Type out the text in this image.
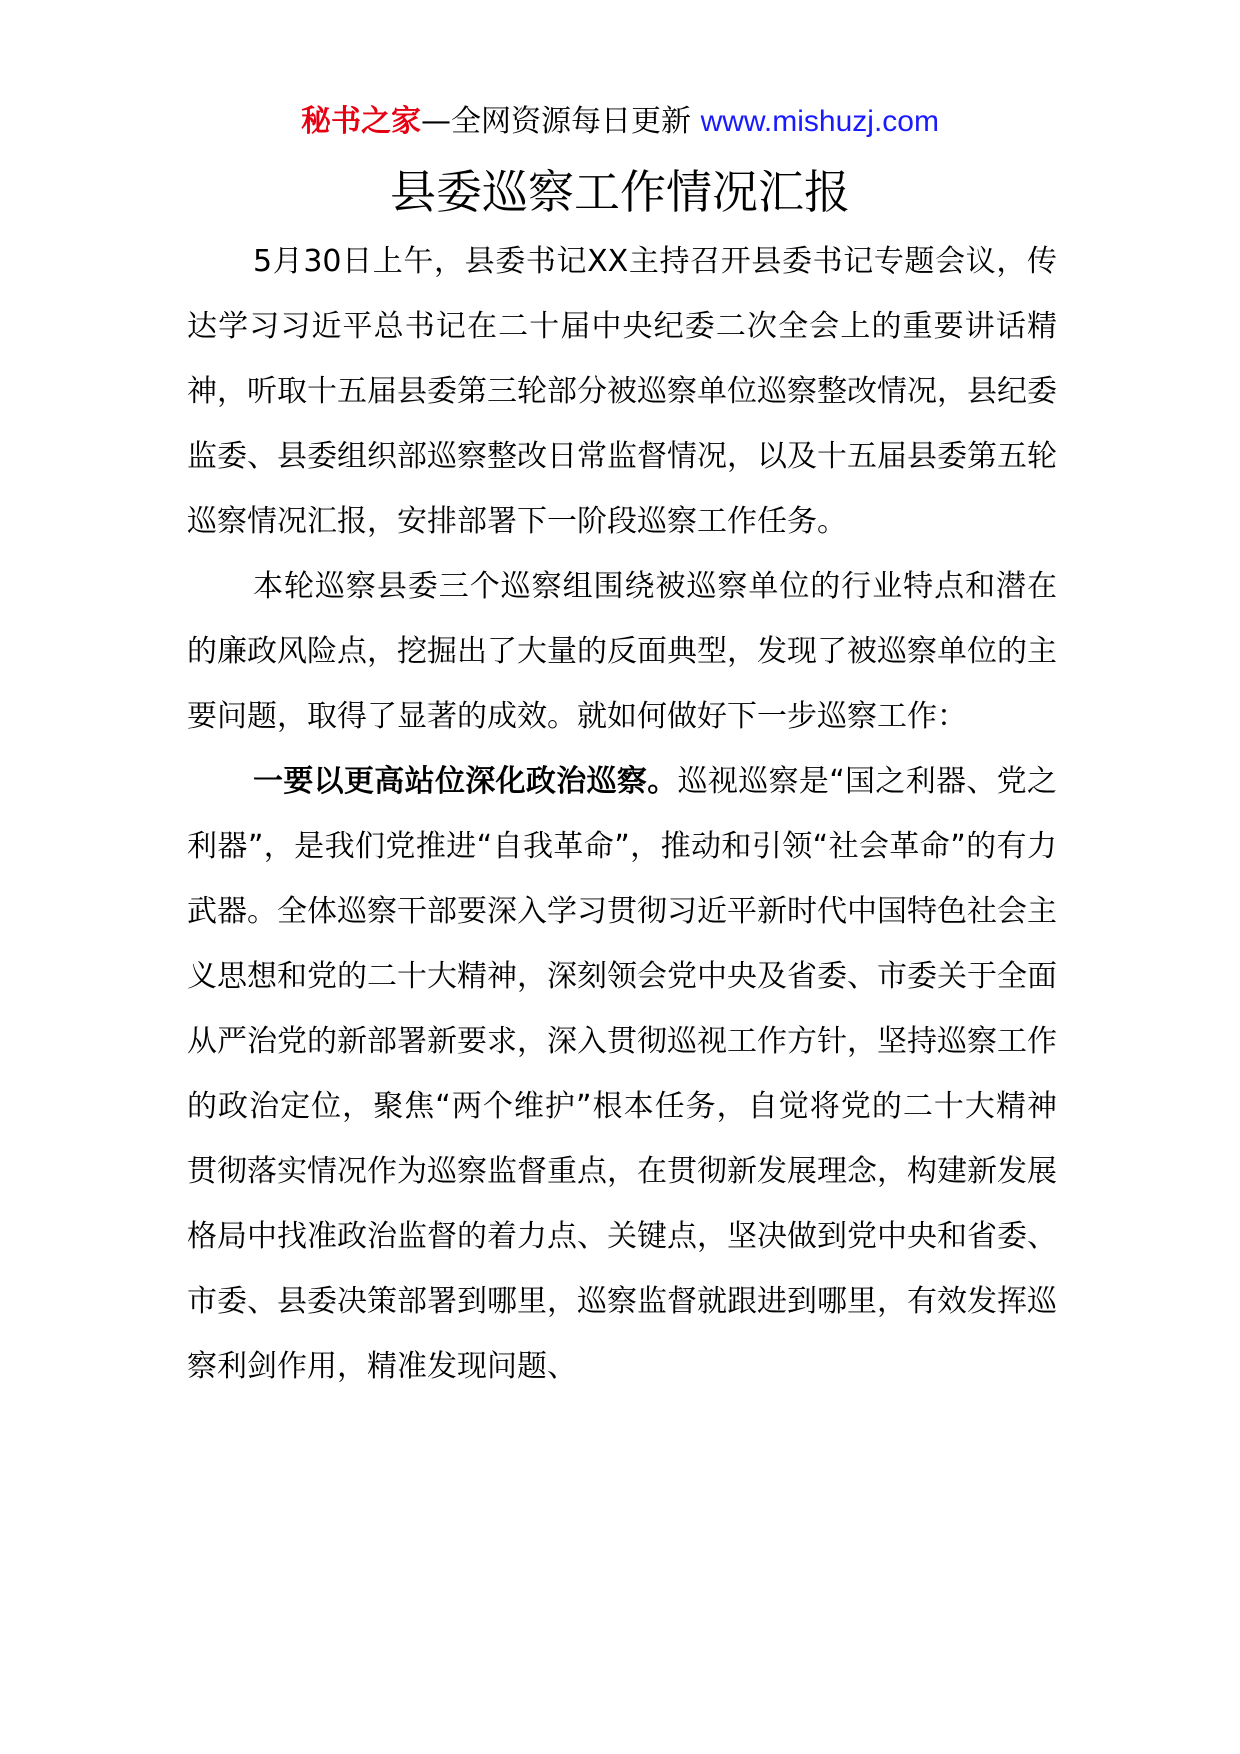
秘书之家—全网资源每日更新 www.mishuzj.com
县委巡察工作情况汇报

5月30日上午，县委书记XX主持召开县委书记专题会议，传达学习习近平总书记在二十届中央纪委二次全会上的重要讲话精神，听取十五届县委第三轮部分被巡察单位巡察整改情况，县纪委监委、县委组织部巡察整改日常监督情况，以及十五届县委第五轮巡察情况汇报，安排部署下一阶段巡察工作任务。

本轮巡察县委三个巡察组围绕被巡察单位的行业特点和潜在的廉政风险点，挖掘出了大量的反面典型，发现了被巡察单位的主要问题，取得了显著的成效。就如何做好下一步巡察工作：

一要以更高站位深化政治巡察。巡视巡察是“国之利器、党之利器”，是我们党推进“自我革命”，推动和引领“社会革命”的有力武器。全体巡察干部要深入学习贯彻习近平新时代中国特色社会主义思想和党的二十大精神，深刻领会党中央及省委、市委关于全面从严治党的新部署新要求，深入贯彻巡视工作方针，坚持巡察工作的政治定位，聚焦“两个维护”根本任务，自觉将党的二十大精神贯彻落实情况作为巡察监督重点，在贯彻新发展理念，构建新发展格局中找准政治监督的着力点、关键点，坚决做到党中央和省委、市委、县委决策部署到哪里，巡察监督就跟进到哪里，有效发挥巡察利剑作用，精准发现问题、
